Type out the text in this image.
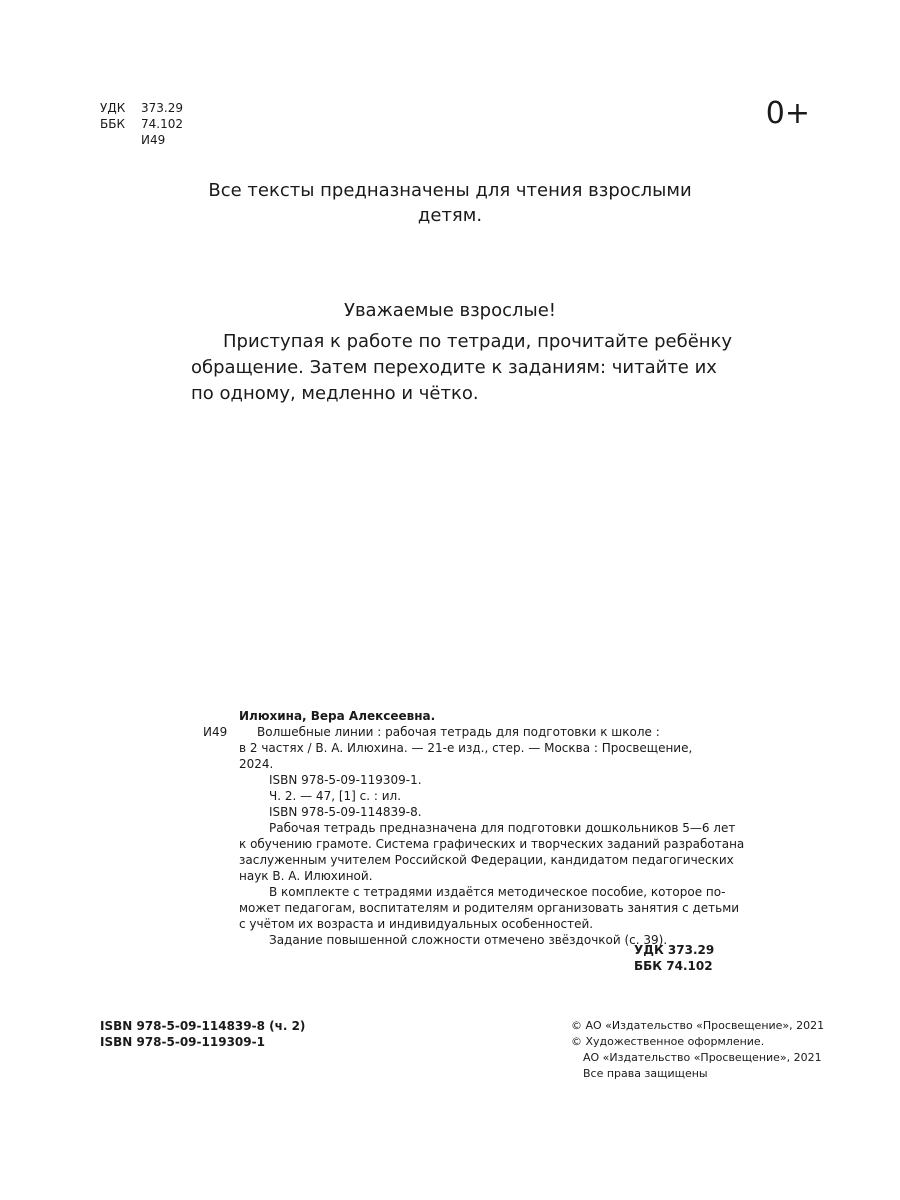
УДК	373.29
ББК	74.102
И49
0+
Все тексты предназначены для чтения взрослыми
детям.
Уважаемые взрослые!
Приступая к работе по тетради, прочитайте ребёнку
обращение. Затем переходите к заданиям: читайте их
по одному, медленно и чётко.
Илюхина, Вера Алексеевна.
И49	Волшебные линии : рабочая тетрадь для подготовки к школе :
в 2 частях / В. А. Илюхина. — 21-е изд., стер. — Москва : Просвещение,
2024.
ISBN 978-5-09-119309-1.
Ч. 2. — 47, [1] с. : ил.
ISBN 978-5-09-114839-8.
Рабочая тетрадь предназначена для подготовки дошкольников 5—6 лет
к обучению грамоте. Система графических и творческих заданий разработана
заслуженным учителем Российской Федерации, кандидатом педагогических
наук В. А. Илюхиной.
В комплекте с тетрадями издаётся методическое пособие, которое по-
может педагогам, воспитателям и родителям организовать занятия с детьми
с учётом их возраста и индивидуальных особенностей.
Задание повышенной сложности отмечено звёздочкой (с. 39).
УДК 373.29
ББК 74.102
ISBN 978-5-09-114839-8 (ч. 2)
ISBN 978-5-09-119309-1
© АО «Издательство «Просвещение», 2021
© Художественное оформление.
АО «Издательство «Просвещение», 2021
Все права защищены
